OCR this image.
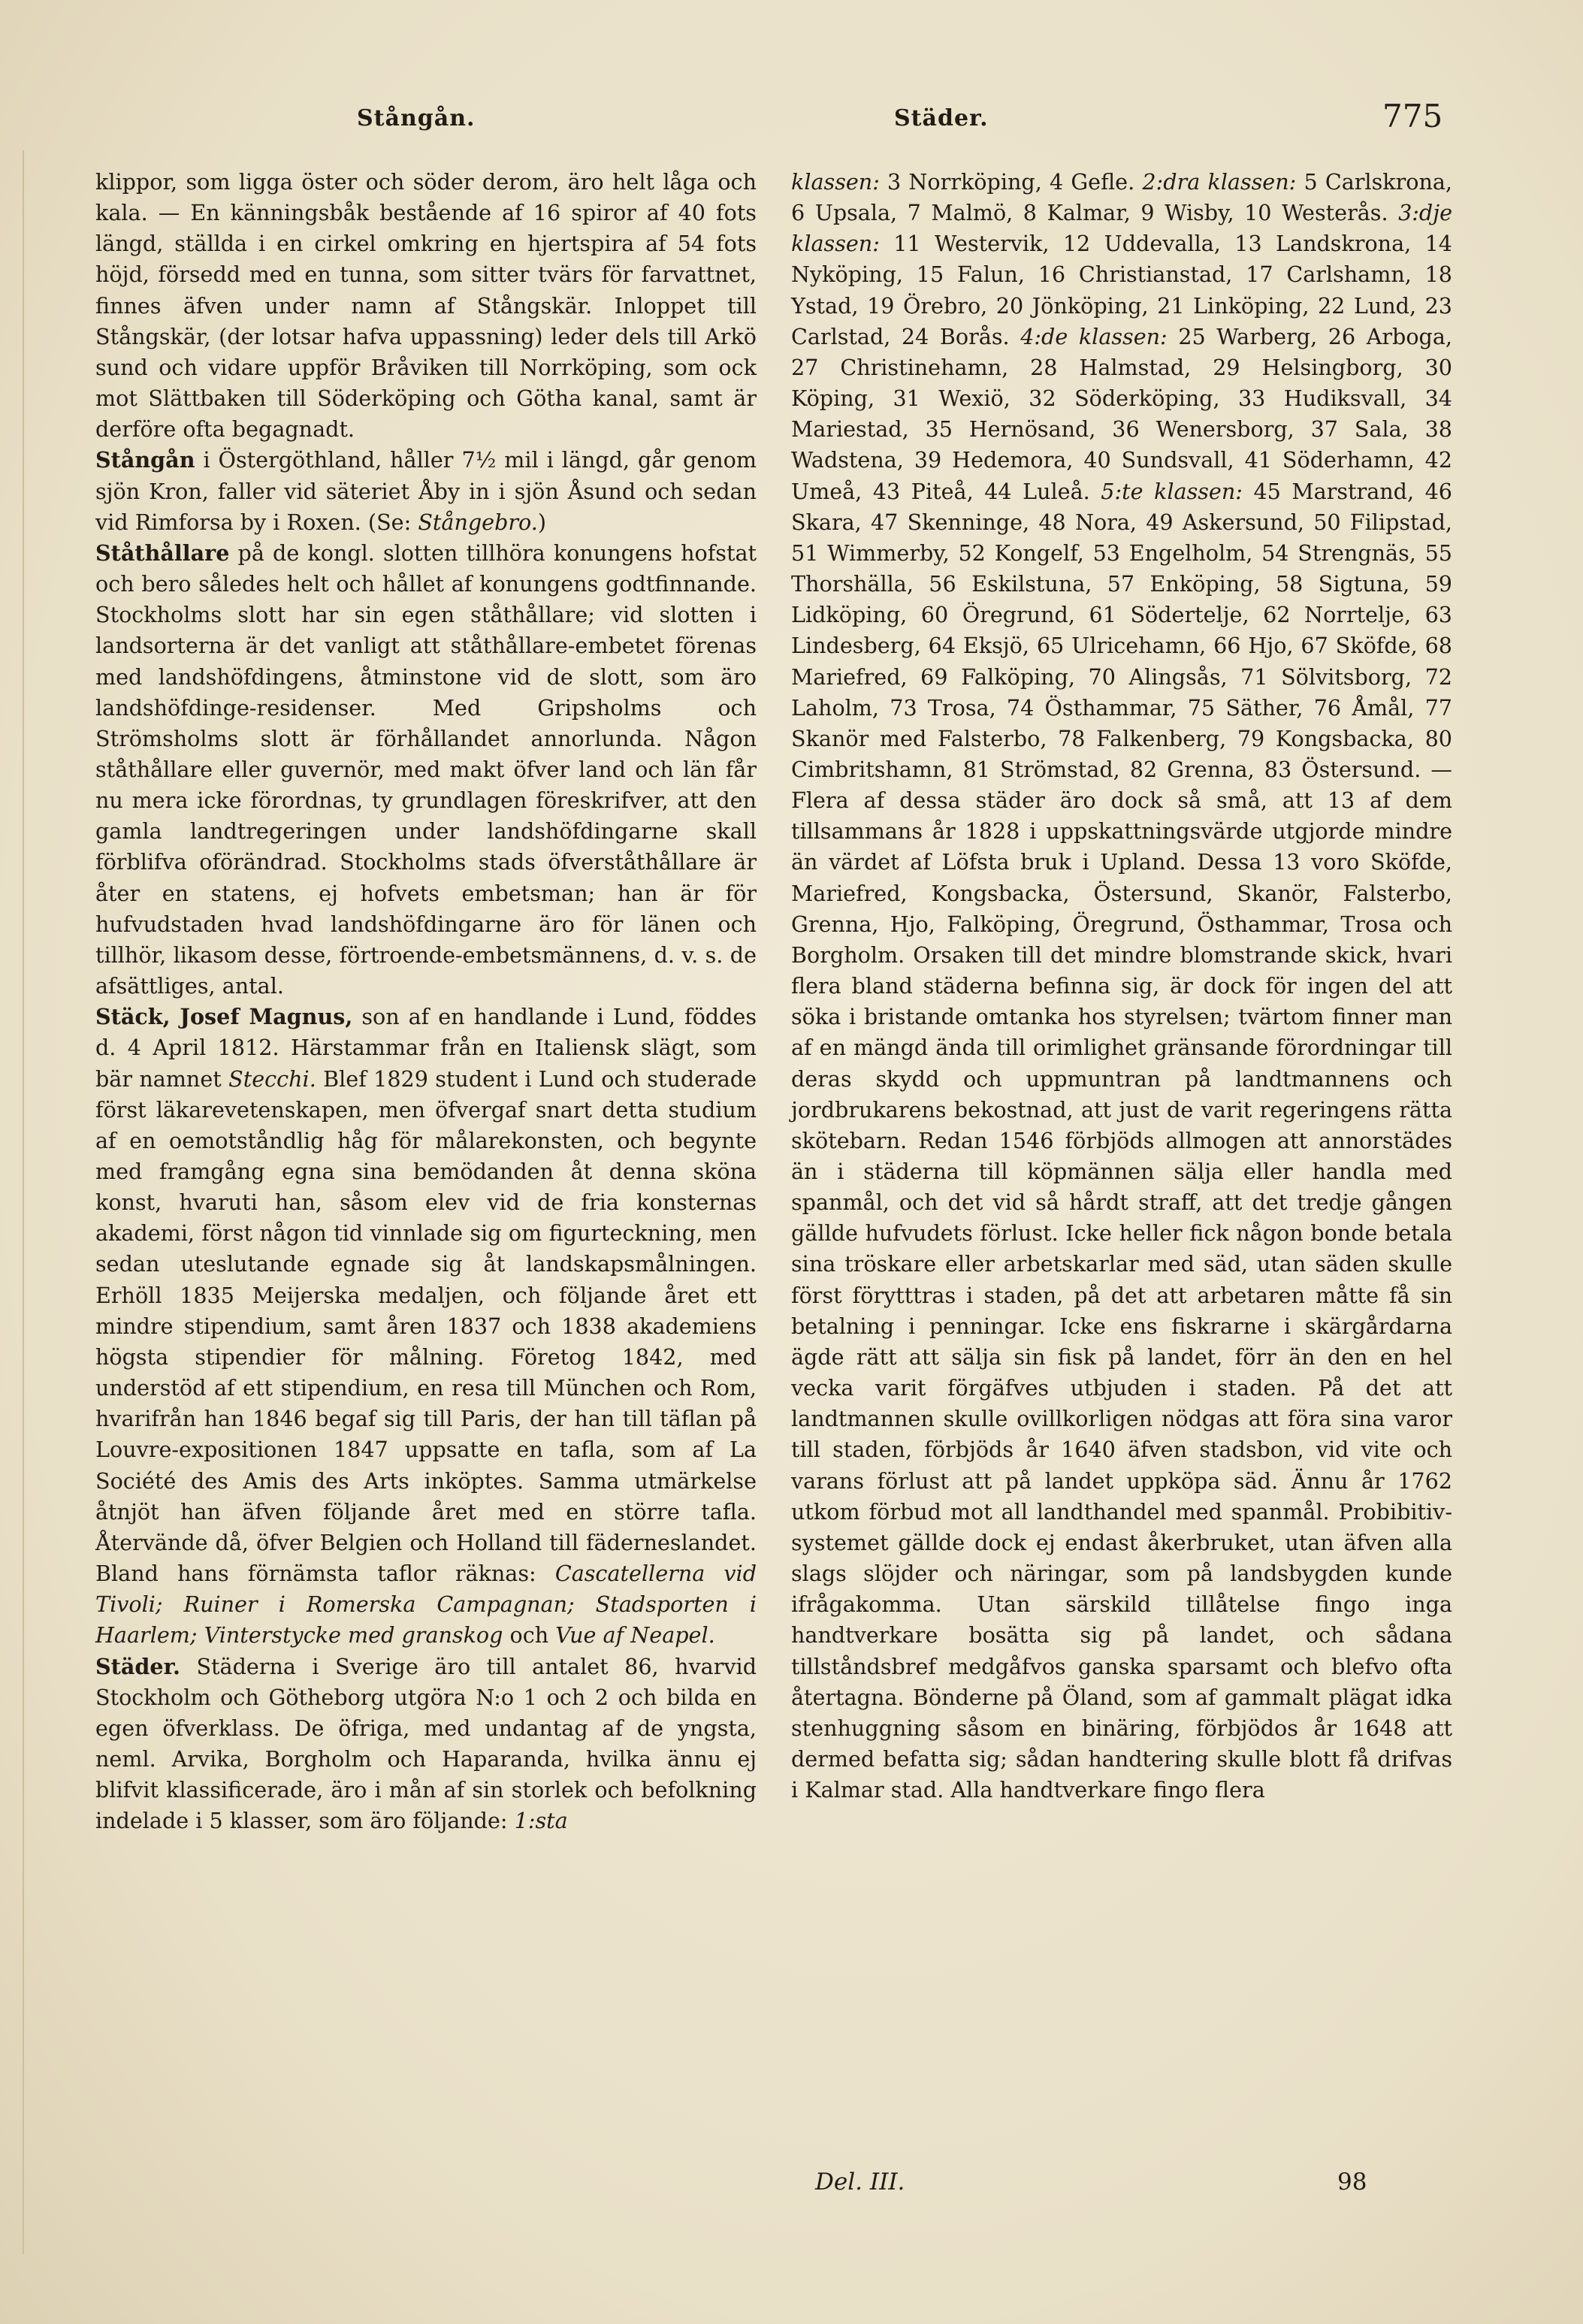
Stångån.	Städer.	775

klippor, som ligga öster och söder derom, äro helt låga och kala. — En känningsbåk bestående af 16 spiror af 40 fots längd, ställda i en cirkel omkring en hjertspira af 54 fots höjd, försedd med en tunna, som sitter tvärs för farvattnet, finnes äfven under namn af Stångskär. Inloppet till Stångskär, (der lotsar hafva uppassning) leder dels till Arkö sund och vidare uppför Bråviken till Norrköping, som ock mot Slättbaken till Söderköping och Götha kanal, samt är derföre ofta begagnadt.

Stångån i Östergöthland, håller 7½ mil i längd, går genom sjön Kron, faller vid säteriet Åby in i sjön Åsund och sedan vid Rimforsa by i Roxen. (Se: Stångebro.)

Ståthållare på de kongl. slotten tillhöra konungens hofstat och bero således helt och hållet af konungens godtfinnande. Stockholms slott har sin egen ståthållare; vid slotten i landsorterna är det vanligt att ståthållare-embetet förenas med landshöfdingens, åtminstone vid de slott, som äro landshöfdinge-residenser. Med Gripsholms och Strömsholms slott är förhållandet annorlunda. Någon ståthållare eller guvernör, med makt öfver land och län får nu mera icke förordnas, ty grundlagen föreskrifver, att den gamla landtregeringen under landshöfdingarne skall förblifva oförändrad. Stockholms stads öfverståthållare är åter en statens, ej hofvets embetsman; han är för hufvudstaden hvad landshöfdingarne äro för länen och tillhör, likasom desse, förtroende-embetsmännens, d. v. s. de afsättliges, antal.

Stäck, Josef Magnus, son af en handlande i Lund, föddes d. 4 April 1812. Härstammar från en Italiensk slägt, som bär namnet Stecchi. Blef 1829 student i Lund och studerade först läkarevetenskapen, men öfvergaf snart detta studium af en oemotståndlig håg för målarekonsten, och begynte med framgång egna sina bemödanden åt denna sköna konst, hvaruti han, såsom elev vid de fria konsternas akademi, först någon tid vinnlade sig om figurteckning, men sedan uteslutande egnade sig åt landskapsmålningen. Erhöll 1835 Meijerska medaljen, och följande året ett mindre stipendium, samt åren 1837 och 1838 akademiens högsta stipendier för målning. Företog 1842, med understöd af ett stipendium, en resa till München och Rom, hvarifrån han 1846 begaf sig till Paris, der han till täflan på Louvre-expositionen 1847 uppsatte en tafla, som af La Société des Amis des Arts inköptes. Samma utmärkelse åtnjöt han äfven följande året med en större tafla. Återvände då, öfver Belgien och Holland till fäderneslandet. Bland hans förnämsta taflor räknas: Cascatellerna vid Tivoli; Ruiner i Romerska Campagnan; Stadsporten i Haarlem; Vinterstycke med granskog och Vue af Neapel.

Städer. Städerna i Sverige äro till antalet 86, hvarvid Stockholm och Götheborg utgöra N:o 1 och 2 och bilda en egen öfverklass. De öfriga, med undantag af de yngsta, neml. Arvika, Borgholm och Haparanda, hvilka ännu ej blifvit klassificerade, äro i mån af sin storlek och befolkning indelade i 5 klasser, som äro följande: 1:sta

klassen: 3 Norrköping, 4 Gefle. 2:dra klassen: 5 Carlskrona, 6 Upsala, 7 Malmö, 8 Kalmar, 9 Wisby, 10 Westerås. 3:dje klassen: 11 Westervik, 12 Uddevalla, 13 Landskrona, 14 Nyköping, 15 Falun, 16 Christianstad, 17 Carlshamn, 18 Ystad, 19 Örebro, 20 Jönköping, 21 Linköping, 22 Lund, 23 Carlstad, 24 Borås. 4:de klassen: 25 Warberg, 26 Arboga, 27 Christinehamn, 28 Halmstad, 29 Helsingborg, 30 Köping, 31 Wexiö, 32 Söderköping, 33 Hudiksvall, 34 Mariestad, 35 Hernösand, 36 Wenersborg, 37 Sala, 38 Wadstena, 39 Hedemora, 40 Sundsvall, 41 Söderhamn, 42 Umeå, 43 Piteå, 44 Luleå. 5:te klassen: 45 Marstrand, 46 Skara, 47 Skenninge, 48 Nora, 49 Askersund, 50 Filipstad, 51 Wimmerby, 52 Kongelf, 53 Engelholm, 54 Strengnäs, 55 Thorshälla, 56 Eskilstuna, 57 Enköping, 58 Sigtuna, 59 Lidköping, 60 Öregrund, 61 Södertelje, 62 Norrtelje, 63 Lindesberg, 64 Eksjö, 65 Ulricehamn, 66 Hjo, 67 Sköfde, 68 Mariefred, 69 Falköping, 70 Alingsås, 71 Sölvitsborg, 72 Laholm, 73 Trosa, 74 Östhammar, 75 Säther, 76 Åmål, 77 Skanör med Falsterbo, 78 Falkenberg, 79 Kongsbacka, 80 Cimbritshamn, 81 Strömstad, 82 Grenna, 83 Östersund. — Flera af dessa städer äro dock så små, att 13 af dem tillsammans år 1828 i uppskattningsvärde utgjorde mindre än värdet af Löfsta bruk i Upland. Dessa 13 voro Sköfde, Mariefred, Kongsbacka, Östersund, Skanör, Falsterbo, Grenna, Hjo, Falköping, Öregrund, Östhammar, Trosa och Borgholm. Orsaken till det mindre blomstrande skick, hvari flera bland städerna befinna sig, är dock för ingen del att söka i bristande omtanka hos styrelsen; tvärtom finner man af en mängd ända till orimlighet gränsande förordningar till deras skydd och uppmuntran på landtmannens och jordbrukarens bekostnad, att just de varit regeringens rätta skötebarn. Redan 1546 förbjöds allmogen att annorstädes än i städerna till köpmännen sälja eller handla med spanmål, och det vid så hårdt straff, att det tredje gången gällde hufvudets förlust. Icke heller fick någon bonde betala sina tröskare eller arbetskarlar med säd, utan säden skulle först förytttras i staden, på det att arbetaren måtte få sin betalning i penningar. Icke ens fiskrarne i skärgårdarna ägde rätt att sälja sin fisk på landet, förr än den en hel vecka varit förgäfves utbjuden i staden. På det att landtmannen skulle ovillkorligen nödgas att föra sina varor till staden, förbjöds år 1640 äfven stadsbon, vid vite och varans förlust att på landet uppköpa säd. Ännu år 1762 utkom förbud mot all landthandel med spanmål. Probibitiv-systemet gällde dock ej endast åkerbruket, utan äfven alla slags slöjder och näringar, som på landsbygden kunde ifrågakomma. Utan särskild tillåtelse fingo inga handtverkare bosätta sig på landet, och sådana tillståndsbref medgåfvos ganska sparsamt och blefvo ofta återtagna. Bönderne på Öland, som af gammalt plägat idka stenhuggning såsom en binäring, förbjödos år 1648 att dermed befatta sig; sådan handtering skulle blott få drifvas i Kalmar stad. Alla handtverkare fingo flera

Del. III.	98
